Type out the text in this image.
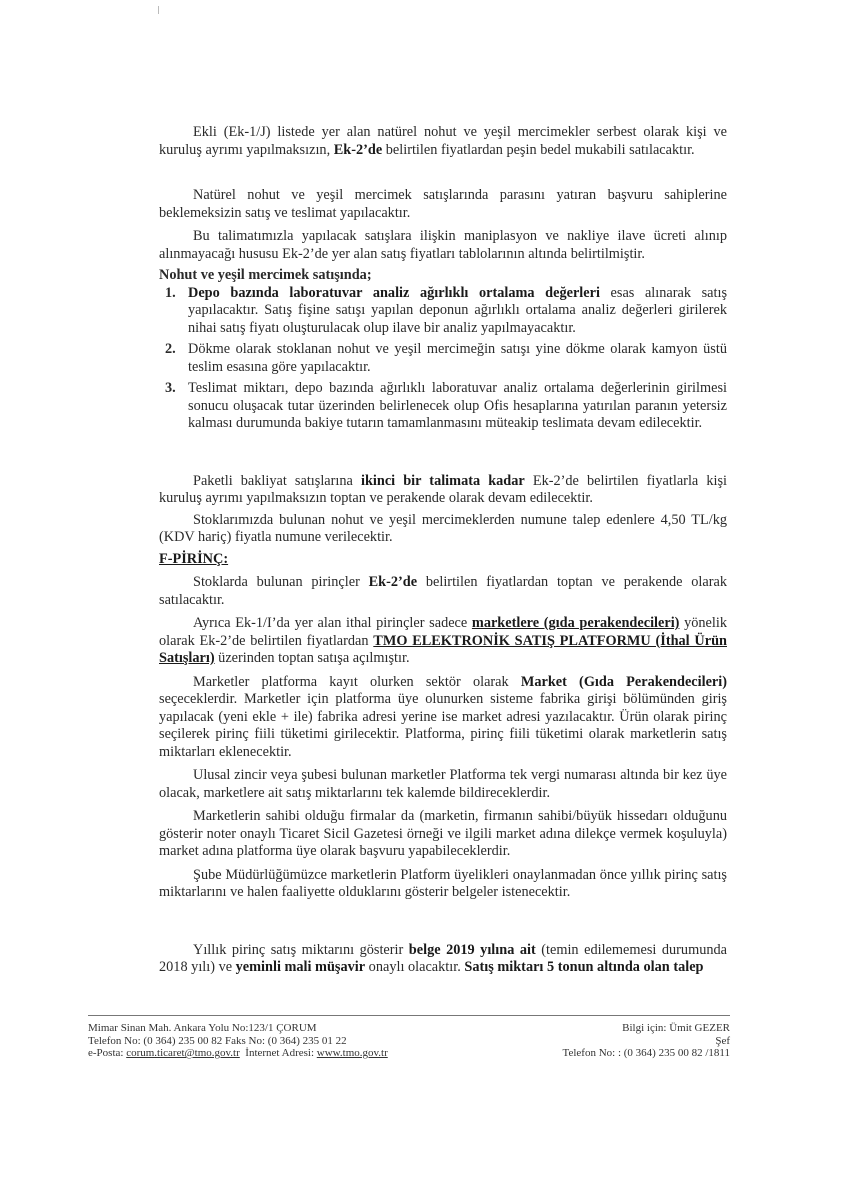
Ekli (Ek-1/J) listede yer alan natürel nohut ve yeşil mercimekler serbest olarak kişi ve kuruluş ayrımı yapılmaksızın, Ek-2’de belirtilen fiyatlardan peşin bedel mukabili satılacaktır.

Natürel nohut ve yeşil mercimek satışlarında parasını yatıran başvuru sahiplerine beklemeksizin satış ve teslimat yapılacaktır.

Bu talimatımızla yapılacak satışlara ilişkin maniplasyon ve nakliye ilave ücreti alınıp alınmayacağı hususu Ek-2’de yer alan satış fiyatları tablolarının altında belirtilmiştir.

Nohut ve yeşil mercimek satışında;

1. Depo bazında laboratuvar analiz ağırlıklı ortalama değerleri esas alınarak satış yapılacaktır. Satış fişine satışı yapılan deponun ağırlıklı ortalama analiz değerleri girilerek nihai satış fiyatı oluşturulacak olup ilave bir analiz yapılmayacaktır.
2. Dökme olarak stoklanan nohut ve yeşil mercimeğin satışı yine dökme olarak kamyon üstü teslim esasına göre yapılacaktır.
3. Teslimat miktarı, depo bazında ağırlıklı laboratuvar analiz ortalama değerlerinin girilmesi sonucu oluşacak tutar üzerinden belirlenecek olup Ofis hesaplarına yatırılan paranın yetersiz kalması durumunda bakiye tutarın tamamlanmasını müteakip teslimata devam edilecektir.

Paketli bakliyat satışlarına ikinci bir talimata kadar Ek-2’de belirtilen fiyatlarla kişi kuruluş ayrımı yapılmaksızın toptan ve perakende olarak devam edilecektir.

Stoklarımızda bulunan nohut ve yeşil mercimeklerden numune talep edenlere 4,50 TL/kg (KDV hariç) fiyatla numune verilecektir.

F-PİRİNÇ:

Stoklarda bulunan pirinçler Ek-2’de belirtilen fiyatlardan toptan ve perakende olarak satılacaktır.

Ayrıca Ek-1/I’da yer alan ithal pirinçler sadece marketlere (gıda perakendecileri) yönelik olarak Ek-2’de belirtilen fiyatlardan TMO ELEKTRONİK SATIŞ PLATFORMU (İthal Ürün Satışları) üzerinden toptan satışa açılmıştır.

Marketler platforma kayıt olurken sektör olarak Market (Gıda Perakendecileri) seçeceklerdir. Marketler için platforma üye olunurken sisteme fabrika girişi bölümünden giriş yapılacak (yeni ekle + ile) fabrika adresi yerine ise market adresi yazılacaktır. Ürün olarak pirinç seçilerek pirinç fiili tüketimi girilecektir. Platforma, pirinç fiili tüketimi olarak marketlerin satış miktarları eklenecektir.

Ulusal zincir veya şubesi bulunan marketler Platforma tek vergi numarası altında bir kez üye olacak, marketlere ait satış miktarlarını tek kalemde bildireceklerdir.

Marketlerin sahibi olduğu firmalar da (marketin, firmanın sahibi/büyük hissedarı olduğunu gösterir noter onaylı Ticaret Sicil Gazetesi örneği ve ilgili market adına dilekçe vermek koşuluyla) market adına platforma üye olarak başvuru yapabileceklerdir.

Şube Müdürlüğümüzce marketlerin Platform üyelikleri onaylanmadan önce yıllık pirinç satış miktarlarını ve halen faaliyette olduklarını gösterir belgeler istenecektir.

Yıllık pirinç satış miktarını gösterir belge 2019 yılına ait (temin edilememesi durumunda 2018 yılı) ve yeminli mali müşavir onaylı olacaktır. Satış miktarı 5 tonun altında olan talep

Mimar Sinan Mah. Ankara Yolu No:123/1 ÇORUM
Telefon No: (0 364) 235 00 82 Faks No: (0 364) 235 01 22
e-Posta: corum.ticaret@tmo.gov.tr  İnternet Adresi: www.tmo.gov.tr
Bilgi için: Ümit GEZER
Şef
Telefon No: : (0 364) 235 00 82 /1811
